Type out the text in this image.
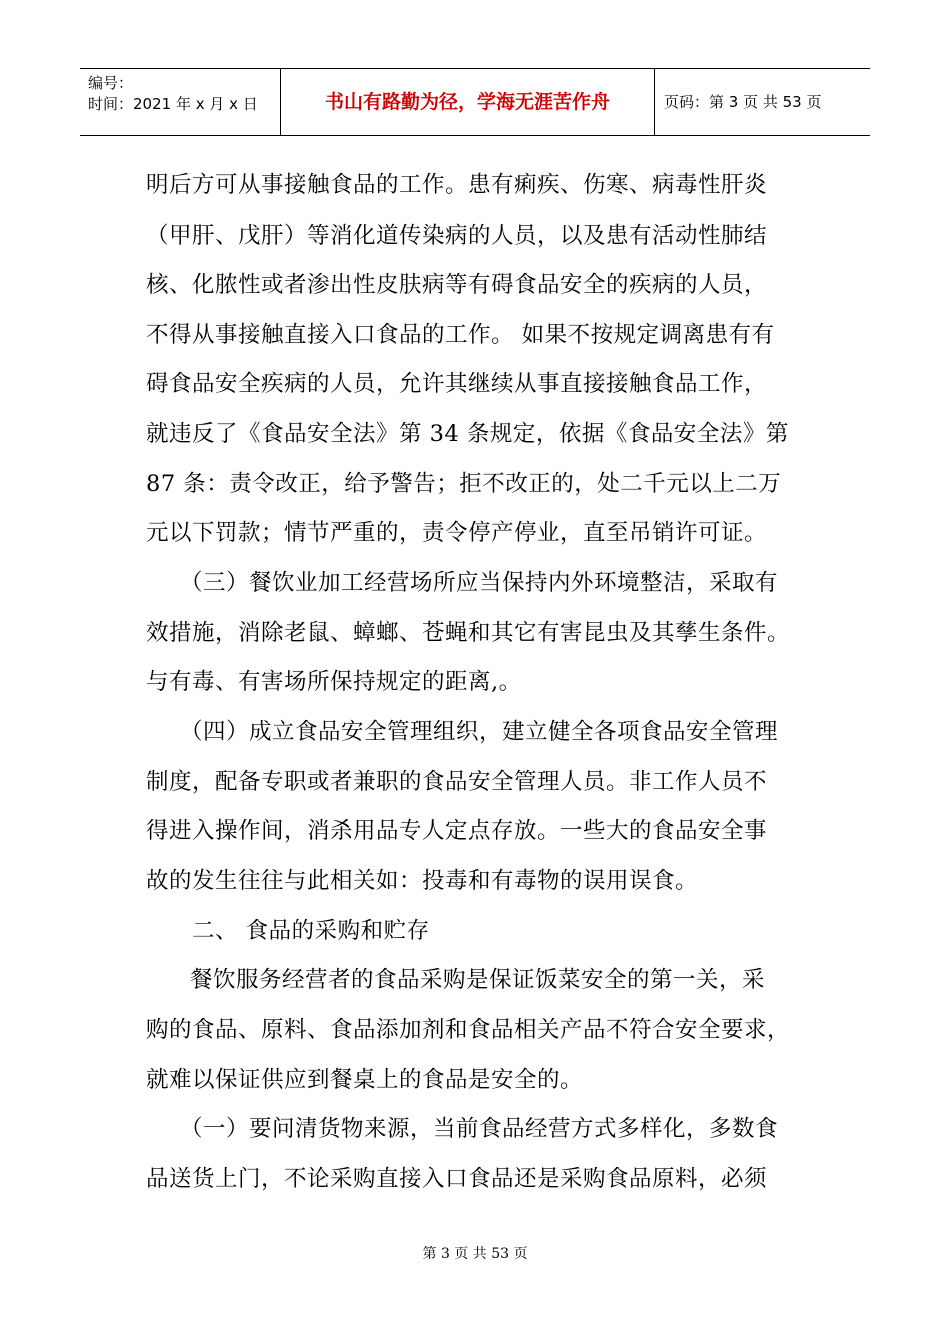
编号：
时间：2021 年 x 月 x 日	书山有路勤为径，学海无涯苦作舟	页码：第 3 页 共 53 页
明后方可从事接触食品的工作。患有痢疾、伤寒、病毒性肝炎
（甲肝、戊肝）等消化道传染病的人员，以及患有活动性肺结
核、化脓性或者渗出性皮肤病等有碍食品安全的疾病的人员，
不得从事接触直接入口食品的工作。 如果不按规定调离患有有
碍食品安全疾病的人员，允许其继续从事直接接触食品工作，
就违反了《食品安全法》第 34 条规定，依据《食品安全法》第
87 条：责令改正，给予警告；拒不改正的，处二千元以上二万
元以下罚款；情节严重的，责令停产停业，直至吊销许可证。
（三）餐饮业加工经营场所应当保持内外环境整洁，采取有
效措施，消除老鼠、蟑螂、苍蝇和其它有害昆虫及其孳生条件。
与有毒、有害场所保持规定的距离,。
（四）成立食品安全管理组织，建立健全各项食品安全管理
制度，配备专职或者兼职的食品安全管理人员。非工作人员不
得进入操作间，消杀用品专人定点存放。一些大的食品安全事
故的发生往往与此相关如：投毒和有毒物的误用误食。
二、 食品的采购和贮存
餐饮服务经营者的食品采购是保证饭菜安全的第一关，采
购的食品、原料、食品添加剂和食品相关产品不符合安全要求，
就难以保证供应到餐桌上的食品是安全的。
（一）要问清货物来源，当前食品经营方式多样化，多数食
品送货上门，不论采购直接入口食品还是采购食品原料，必须
第 3 页 共 53 页
